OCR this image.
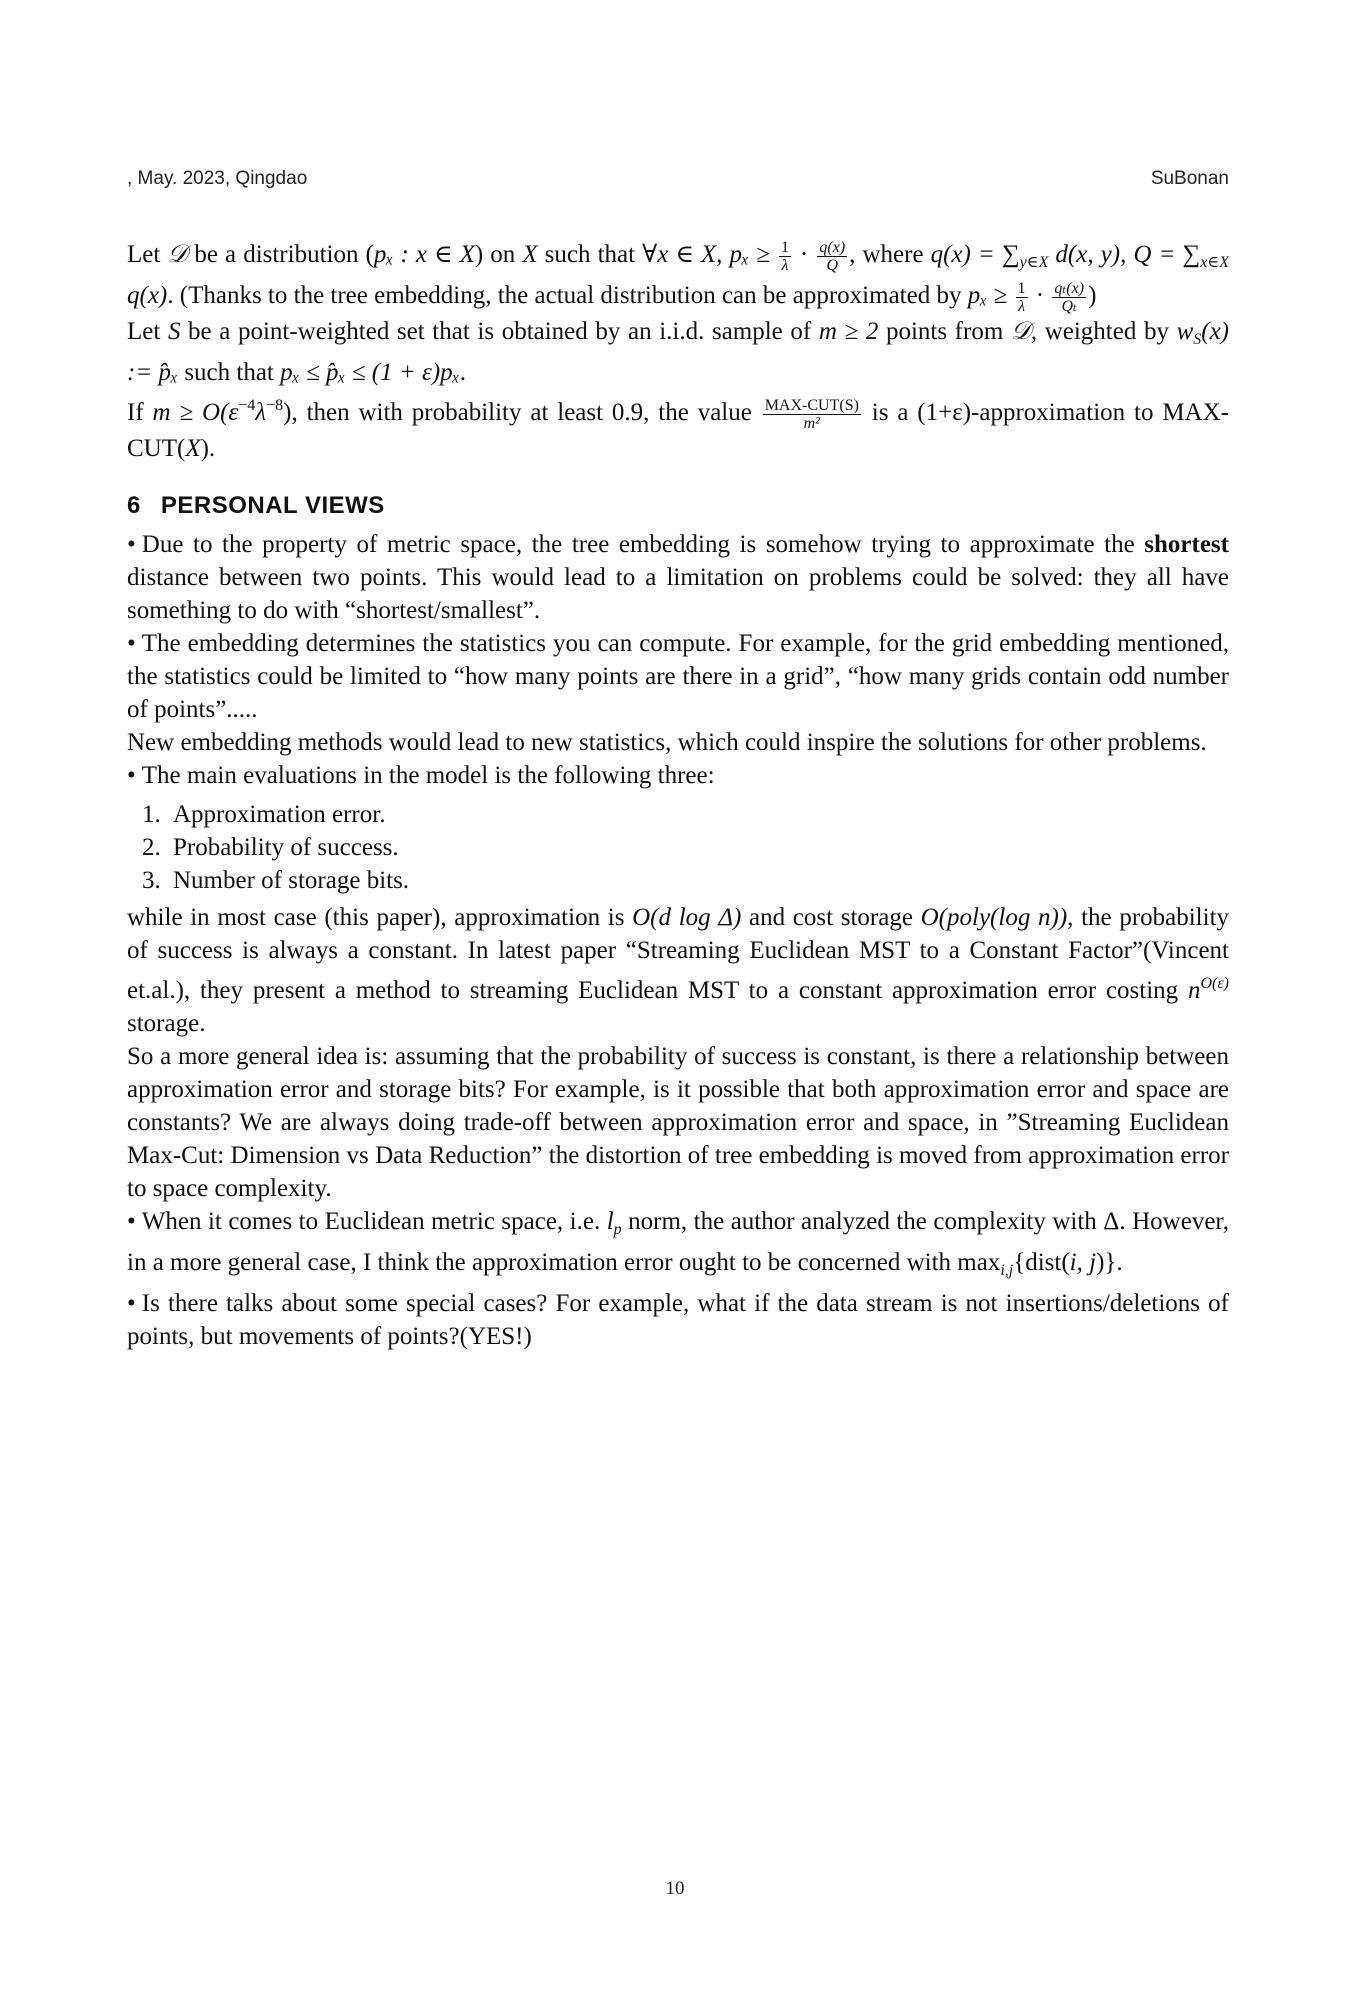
, May. 2023, Qingdao	SuBonan

Let 𝒟 be a distribution (pₓ : x ∈ X) on X such that ∀x ∈ X, $p_x \ge \frac{1}{\lambda} \cdot \frac{q(x)}{Q}$ , where $q(x) = \sum_{y\in X}$ d(x, y), $Q = \sum_{x\in X}$ q(x). (Thanks to the tree embedding, the actual distribution can be approximated by $p_x \ge \frac{1}{\lambda} \cdot \frac{\text{qₜ(x)}}{\text{Qₜ}}$ )

Let S be a point-weighted set that is obtained by an i.i.d. sample of m ≥ 2 points from 𝒟, weighted by $w_S(x)$ := p̂ₓ such that pₓ ≤ p̂ₓ ≤ (1 + ε)pₓ.

If $m \ge O(\varepsilon^{-4}\lambda^{-8})$, then with probability at least 0.9, the value $\frac{\text{MAX-CUT(S)}}{\text{m²}}$ is a (1+ε)-approximation to MAX-CUT(X).

6 PERSONAL VIEWS

• Due to the property of metric space, the tree embedding is somehow trying to approximate the shortest distance between two points. This would lead to a limitation on problems could be solved: they all have something to do with “shortest/smallest”.

• The embedding determines the statistics you can compute. For example, for the grid embedding mentioned, the statistics could be limited to “how many points are there in a grid”, “how many grids contain odd number of points”.....

New embedding methods would lead to new statistics, which could inspire the solutions for other problems.

• The main evaluations in the model is the following three:

1. Approximation error.
2. Probability of success.
3. Number of storage bits.

while in most case (this paper), approximation is O(d log Δ) and cost storage O(poly(log n)), the probability of success is always a constant. In latest paper “Streaming Euclidean MST to a Constant Factor”(Vincent et.al.), they present a method to streaming Euclidean MST to a constant approximation error costing $n^{O(\varepsilon)}$ storage.

So a more general idea is: assuming that the probability of success is constant, is there a relationship between approximation error and storage bits? For example, is it possible that both approximation error and space are constants? We are always doing trade-off between approximation error and space, in ”Streaming Euclidean Max-Cut: Dimension vs Data Reduction” the distortion of tree embedding is moved from approximation error to space complexity.

• When it comes to Euclidean metric space, i.e. $l_p$ norm, the author analyzed the complexity with Δ. However, in a more general case, I think the approximation error ought to be concerned with $\max_{i,j}\{dist(i$, j)}.

• Is there talks about some special cases? For example, what if the data stream is not insertions/deletions of points, but movements of points?(YES!)

10
